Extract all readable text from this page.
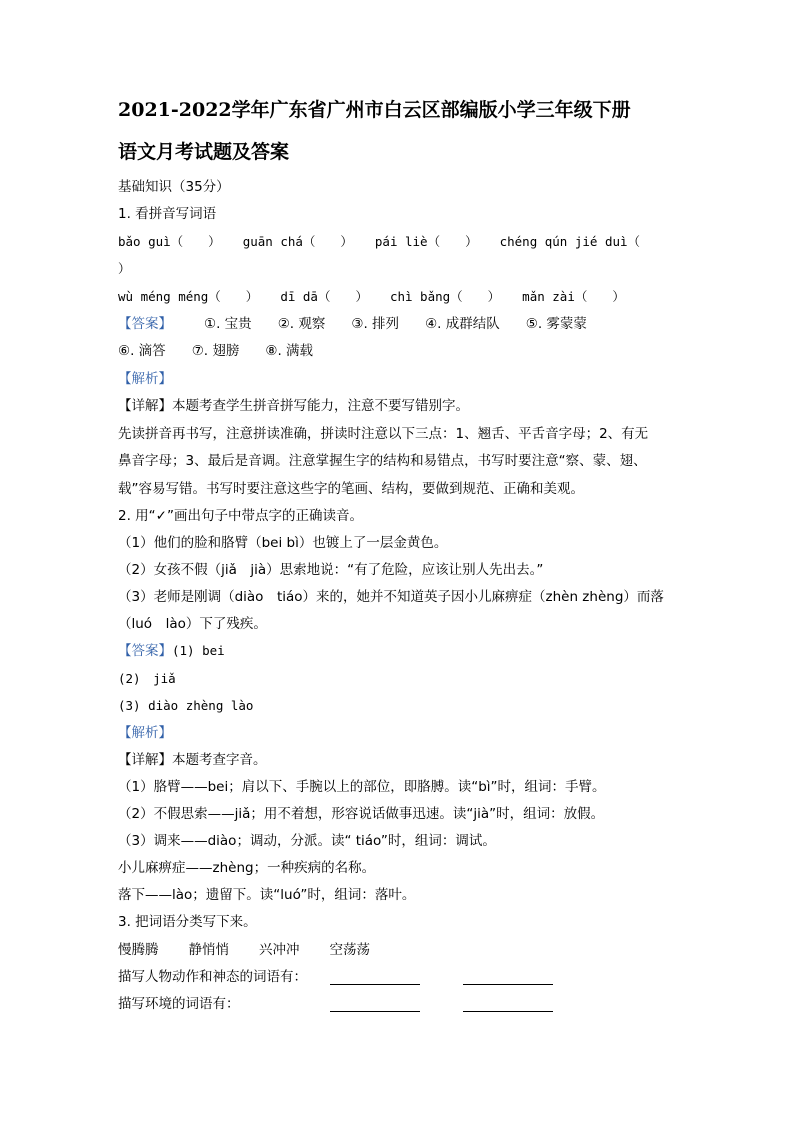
2021-2022学年广东省广州市白云区部编版小学三年级下册
语文月考试题及答案
基础知识（35分）
1. 看拼音写词语
bǎo guì（　　） guān chá（　　） pái liè（　　） chéng qún jié duì（
）
wù méng méng（　　） dī dā（　　） chì bǎng（　　） mǎn zài（　　）
【答案】 ①. 宝贵 ②. 观察 ③. 排列 ④. 成群结队 ⑤. 雾蒙蒙
⑥. 滴答 ⑦. 翅膀 ⑧. 满载
【解析】
【详解】本题考查学生拼音拼写能力，注意不要写错别字。
先读拼音再书写，注意拼读准确，拼读时注意以下三点：1、翘舌、平舌音字母；2、有无
鼻音字母；3、最后是音调。注意掌握生字的结构和易错点，书写时要注意“察、蒙、翅、
载”容易写错。书写时要注意这些字的笔画、结构，要做到规范、正确和美观。
2. 用“✓”画出句子中带点字的正确读音。
（1）他们的脸和胳臂（bei bì）也镀上了一层金黄色。
（2）女孩不假（jiǎ　jià）思索地说：“有了危险，应该让别人先出去。”
（3）老师是刚调（diào　tiáo）来的，她并不知道英子因小儿麻痹症（zhèn zhèng）而落
（luó　lào）下了残疾。
【答案】(1) bei
(2)　jiǎ
(3) diào zhèng lào
【解析】
【详解】本题考查字音。
（1）胳臂——bei；肩以下、手腕以上的部位，即胳膊。读“bì”时，组词：手臂。
（2）不假思索——jiǎ；用不着想，形容说话做事迅速。读“jià”时，组词：放假。
（3）调来——diào；调动，分派。读“ tiáo”时，组词：调试。
小儿麻痹症——zhèng；一种疾病的名称。
落下——lào；遗留下。读“luó”时，组词：落叶。
3. 把词语分类写下来。
慢腾腾 静悄悄 兴冲冲 空荡荡
描写人物动作和神态的词语有：
描写环境的词语有：
